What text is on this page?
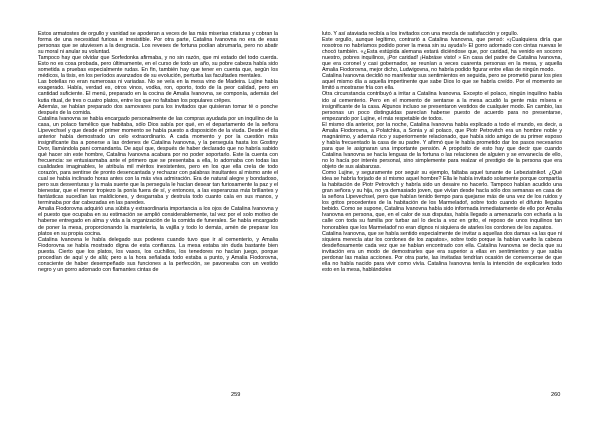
Estos armatostes de orgullo y vanidad se apoderan a veces de las más miserias criaturas y cobran la forma de una necesidad furiosa e irresistible. Por otra parte, Catalina Ivanovna no era de esas personas que se atuviesen a la desgracia. Los reveses de fortuna podían abrumarla, pero no abatir su moral ni anular su voluntad.

Tampoco hay que olvidar que Sorfedonka afirmaba, y no sin razón, que mi estado del todo cuerda. Esto no es cosa probada, pero últimamente, en el curso de todo un año, su pobre cabeza había sido sometida a pruebas especialmente rudas. En fin, también hay que tener en cuenta que, según los médicos, la tisis, en los períodos avanzados de su evolución, perturba las facultades mentales.

Las botellas no eran numerosas ni variadas. No se veía en la mesa vino de Madeira. Lujine había exagerado. Había, verdad es, otros vinos, vodka, ron, oporto, todo de la peor calidad, pero en cantidad suficiente. El menú, preparado en la cocina de Amalia Ivanovna, se componía, además del kutia ritual, de tres o cuatro platos, entre los que no faltaban los populares crêpes.

Además, se habían preparado dos samovares para los invitados que quisieran tomar té o ponche después de la comida.

Catalina Ivanovna se había encargado personalmente de las compras ayudada por un inquilino de la casa, un polaco famélico que habitaba, sólo Dios sabía por qué, en el departamento de la señora Lipevechsel y que desde el primer momento se había puesto a disposición de la viuda. Desde el día anterior había demostrado un celo extraordinario. A cada momento y por la cuestión más insignificante iba a ponerse a las órdenes de Catalina Ivanovna, y la perseguía hasta los Gostiny Dvor, llamándola pani comandanta. De aquí que, después de haber declarado que no habría sabido qué hacer sin este hombre, Catalina Ivanovna acabara por no poder soportarlo. Este la cuenta con frecuencia: se entusiasmaba ante el primero que se presentaba a ella, lo adornaba con todas las cualidades imaginables, le atribuía mil méritos inexistentes, pero en los que ella creía de todo corazón, para sentirse de pronto desencantada y rechazar con palabras insultantes al mismo ante el cual se había inclinado horas antes con la más viva admiración. Era de natural alegre y bondadoso, pero sus desventuras y la mala suerte que la perseguía le hacían desear tan furiosamente la paz y el bienestar, que el menor tropiezo la ponía fuera de sí, y entonces, a las esperanzas más brillantes y fantásticas sucedían las maldiciones, y desgarraba y destruía todo cuanto caía en sus manos, y terminaba por dar cabezadas en las paredes.

Amalia Fiodorovna adquirió una súbita y extraordinaria importancia a los ojos de Catalina Ivanovna y el puesto que ocupaba en su estimación se amplió considerablemente, tal vez por el solo motivo de haberse entregado en alma y vida a la organización de la comida de funerales. Se había encargado de poner la mesa, proporcionando la mantelería, la vajilla y todo lo demás, amén de preparar los platos en su propia cocina.

Catalina Ivanovna le había delegado sus poderes cuando tuvo que ir al cementerio, y Amalia Fiodorovna se había mostrado digna de esta confianza. La mesa estaba sin duda bastante bien puesta. Cierto que los platos, los vasos, los cuchillos, los tenedores no hacían juego, porque procedían de aquí y de allá; pero a la hora señalada todo estaba a punto, y Amalia Fiodorovna, consciente de haber desempeñado sus funciones a la perfección, se pavoneaba con un vestido negro y un gorro adornado con flamantes cintas de

259

luto. Y así ataviada recibía a los invitados con una mezcla de satisfacción y orgullo.

Este orgullo, aunque legítimo, contrarió a Catalina Ivanovna, que pensó: «¡Cualquiera diría que nosotros no habríamos podido poner la mesa sin su ayuda!» El gorro adornado con cintas nuevas le chocó también. «¿Esta estúpida alemana estará diciéndose que, por caridad, ha venido en socorro nuestro, pobres inquilinos, ¡Por caridad! ¡Habráse visto! » En casa del padre de Catalina Ivanovna, que era coronel y casi gobernador, se reunían a veces cuarenta personas en la mesa, y aquella Amalia Fiodorovna, mejor dicho, Ludwigovna, no habría podido figurar entre ellas de ningún modo.

Catalina Ivanovna decidió no manifestar sus sentimientos en seguida, pero se prometió parar los pies aquel mismo día a aquella impertinente que sabe Dios lo que se habría creído. Por el momento se limitó a mostrarse fría con ella.

Otra circunstancia contribuyó a irritar a Catalina Ivanovna. Excepto el polaco, ningún inquilino había ido al cementerio. Pero en el momento de sentarse a la mesa acudió la gente más mísera e insignificante de la casa. Algunos incluso se presentaron vestidos de cualquier modo. En cambio, las personas un poco distinguidas parecían haberse puesto de acuerdo para no presentarse, empezando por Lujine, el más respetable de todos.

El mismo día anterior, por la noche, Catalina Ivanovna había explicado a todo el mundo, es decir, a Amalia Fiodorovna, a Polatchka, a Sonia y al polaco, que Piotr Petrovitch era un hombre noble y magnánimo, y además rico y superiormente relacionado, que había sido amigo de su primer esposo y había frecuentado la casa de su padre. Y afirmó que le había prometido dar los pasos necesarios para que le asignaran una importante pensión. A propósito de esto hay que decir que cuando Catalina Ivanovna se hacía lenguas de la fortuna o las relaciones de alguien y se envanecía de ello, no lo hacía por interés personal, sino simplemente para realzar el prestigio de la persona que era objeto de sus alabanzas.

Como Lujine, y seguramente por seguir su ejemplo, faltaba aquel tunante de Lebeziatnikof. ¿Qué idea se habría forjado de sí mismo aquel hombre? Ella le había invitado solamente porque compartía la habitación de Piotr Petrovitch y habría sido un desaire no hacerlo. Tampoco habían acudido una gran señora y su hija, no ya demasiado joven, que vivían desde hacía sólo dos semanas en casa de la señora Lipevechsel, pero que habían tenido tiempo para quejarse más de una vez de los ruidos y los gritos procedentes de la habitación de los Marmeladof, sobre todo cuando el difunto llegaba bebido. Como se supone, Catalina Ivanovna había sido informada inmediatamente de ello por Amalia Ivanovna en persona, que, en el calor de sus disputas, había llegado a amenazarla con echarla a la calle con toda su familia por turbar así lo decía a voz en grito, el reposo de unos inquilinos tan honorables que los Marmeladof no eran dignos ni siquiera de atarles los cordones de los zapatos.

Catalina Ivanovna, que se había sentido especialmente de invitar a aquellas dos damas «a las que ni siquiera merecía atar los cordones de los zapatos», sobre todo porque la habían vuelto la cabeza desdeñosamente cada vez que se habían encontrado con ella. Catalina Ivanovna se decía que su invitación era un modo de demostrarles que era superior a ellas en sentimientos y que sabía perdonar las malas acciones. Por otra parte, las invitadas tendrían ocasión de convencerse de que ella no había nacido para vivir como vivía. Catalina Ivanovna tenía la intención de explicarles todo esto en la mesa, hablándoles

260
